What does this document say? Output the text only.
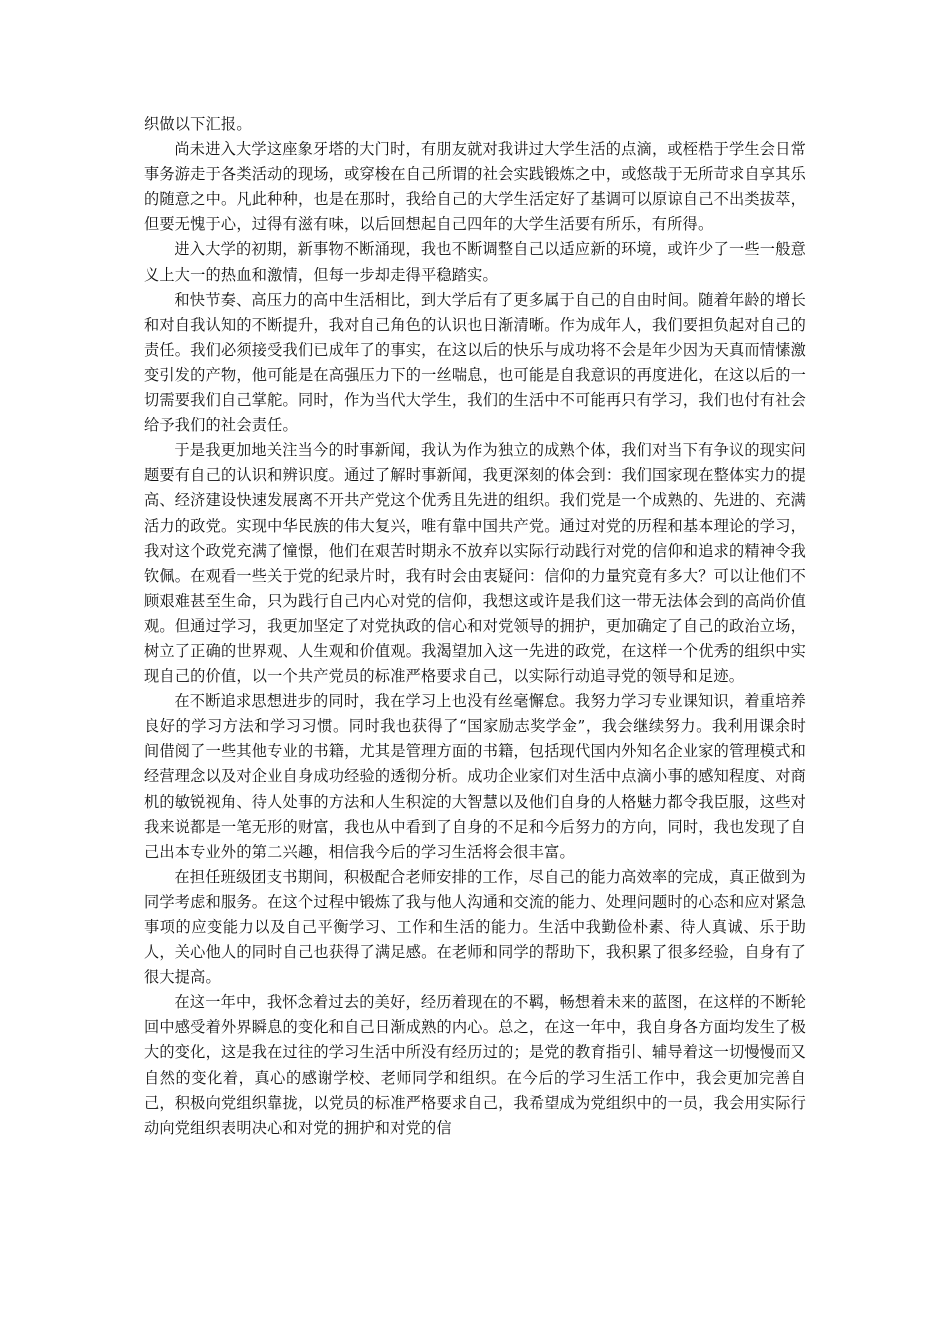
织做以下汇报。

尚未进入大学这座象牙塔的大门时，有朋友就对我讲过大学生活的点滴，或桎梏于学生会日常事务游走于各类活动的现场，或穿梭在自己所谓的社会实践锻炼之中，或悠哉于无所苛求自享其乐的随意之中。凡此种种，也是在那时，我给自己的大学生活定好了基调可以原谅自己不出类拔萃，但要无愧于心，过得有滋有味，以后回想起自己四年的大学生活要有所乐，有所得。

进入大学的初期，新事物不断涌现，我也不断调整自己以适应新的环境，或许少了一些一般意义上大一的热血和激情，但每一步却走得平稳踏实。

和快节奏、高压力的高中生活相比，到大学后有了更多属于自己的自由时间。随着年龄的增长和对自我认知的不断提升，我对自己角色的认识也日渐清晰。作为成年人，我们要担负起对自己的责任。我们必须接受我们已成年了的事实，在这以后的快乐与成功将不会是年少因为天真而情愫激变引发的产物，他可能是在高强压力下的一丝喘息，也可能是自我意识的再度进化，在这以后的一切需要我们自己掌舵。同时，作为当代大学生，我们的生活中不可能再只有学习，我们也付有社会给予我们的社会责任。

于是我更加地关注当今的时事新闻，我认为作为独立的成熟个体，我们对当下有争议的现实问题要有自己的认识和辨识度。通过了解时事新闻，我更深刻的体会到：我们国家现在整体实力的提高、经济建设快速发展离不开共产党这个优秀且先进的组织。我们党是一个成熟的、先进的、充满活力的政党。实现中华民族的伟大复兴，唯有靠中国共产党。通过对党的历程和基本理论的学习，我对这个政党充满了憧憬，他们在艰苦时期永不放弃以实际行动践行对党的信仰和追求的精神令我钦佩。在观看一些关于党的纪录片时，我有时会由衷疑问：信仰的力量究竟有多大？可以让他们不顾艰难甚至生命，只为践行自己内心对党的信仰，我想这或许是我们这一带无法体会到的高尚价值观。但通过学习，我更加坚定了对党执政的信心和对党领导的拥护，更加确定了自己的政治立场，树立了正确的世界观、人生观和价值观。我渴望加入这一先进的政党，在这样一个优秀的组织中实现自己的价值，以一个共产党员的标准严格要求自己，以实际行动追寻党的领导和足迹。

在不断追求思想进步的同时，我在学习上也没有丝毫懈怠。我努力学习专业课知识，着重培养良好的学习方法和学习习惯。同时我也获得了“国家励志奖学金”，我会继续努力。我利用课余时间借阅了一些其他专业的书籍，尤其是管理方面的书籍，包括现代国内外知名企业家的管理模式和经营理念以及对企业自身成功经验的透彻分析。成功企业家们对生活中点滴小事的感知程度、对商机的敏锐视角、待人处事的方法和人生积淀的大智慧以及他们自身的人格魅力都令我臣服，这些对我来说都是一笔无形的财富，我也从中看到了自身的不足和今后努力的方向，同时，我也发现了自己出本专业外的第二兴趣，相信我今后的学习生活将会很丰富。

在担任班级团支书期间，积极配合老师安排的工作，尽自己的能力高效率的完成，真正做到为同学考虑和服务。在这个过程中锻炼了我与他人沟通和交流的能力、处理问题时的心态和应对紧急事项的应变能力以及自己平衡学习、工作和生活的能力。生活中我勤俭朴素、待人真诚、乐于助人，关心他人的同时自己也获得了满足感。在老师和同学的帮助下，我积累了很多经验，自身有了很大提高。

在这一年中，我怀念着过去的美好，经历着现在的不羁，畅想着未来的蓝图，在这样的不断轮回中感受着外界瞬息的变化和自己日渐成熟的内心。总之，在这一年中，我自身各方面均发生了极大的变化，这是我在过往的学习生活中所没有经历过的；是党的教育指引、辅导着这一切慢慢而又自然的变化着，真心的感谢学校、老师同学和组织。在今后的学习生活工作中，我会更加完善自己，积极向党组织靠拢，以党员的标准严格要求自己，我希望成为党组织中的一员，我会用实际行动向党组织表明决心和对党的拥护和对党的信
